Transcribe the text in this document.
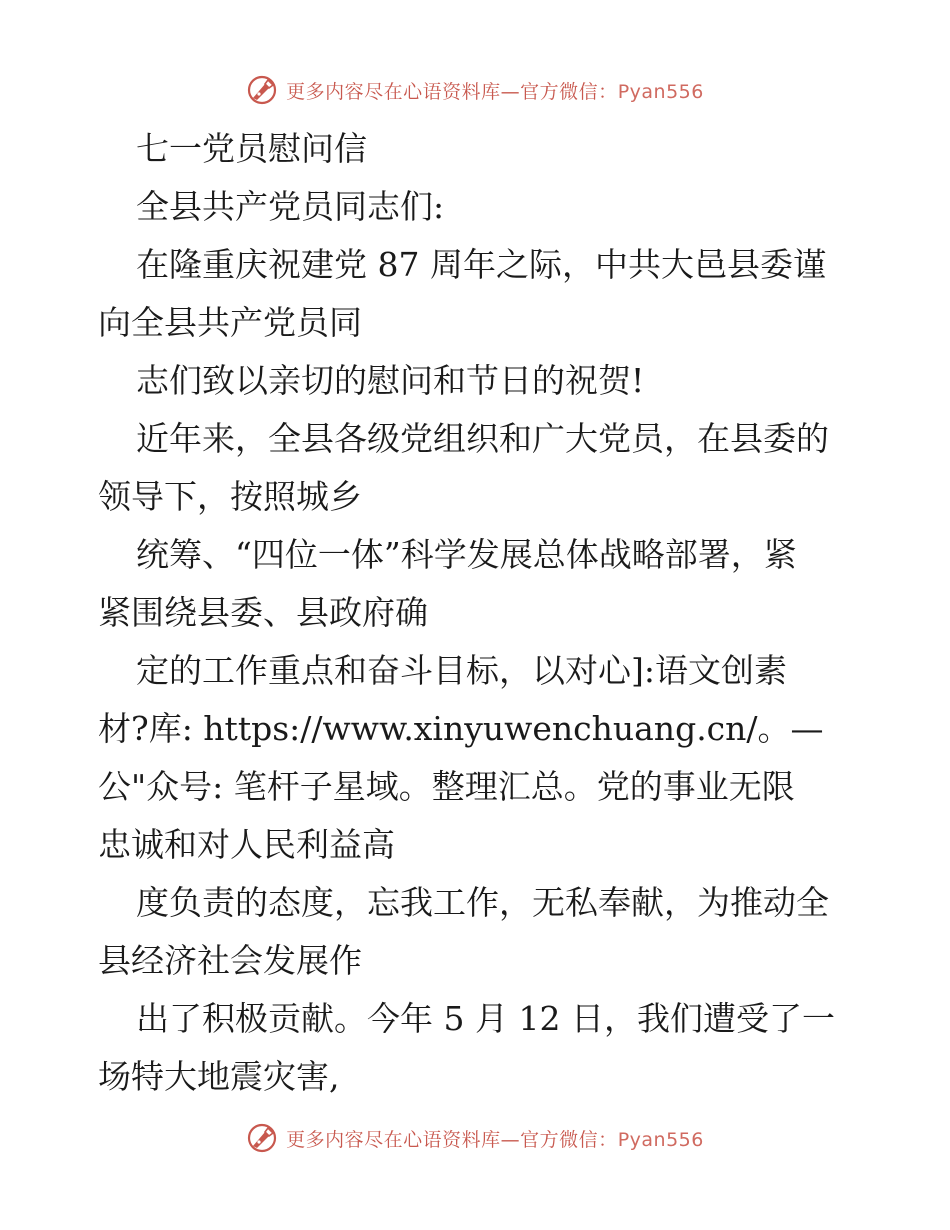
更多内容尽在心语资料库—官方微信：Pyan556
七一党员慰问信
全县共产党员同志们:
在隆重庆祝建党 87 周年之际，中共大邑县委谨
向全县共产党员同
志们致以亲切的慰问和节日的祝贺!
近年来，全县各级党组织和广大党员，在县委的
领导下，按照城乡
统筹、“四位一体”科学发展总体战略部署，紧
紧围绕县委、县政府确
定的工作重点和奋斗目标，以对心]:语文创素
材?库: https://www.xinyuwenchuang.cn/。—
公"众号: 笔杆子星域。整理汇总。党的事业无限
忠诚和对人民利益高
度负责的态度，忘我工作，无私奉献，为推动全
县经济社会发展作
出了积极贡献。今年 5 月 12 日，我们遭受了一
场特大地震灾害,
更多内容尽在心语资料库—官方微信：Pyan556
